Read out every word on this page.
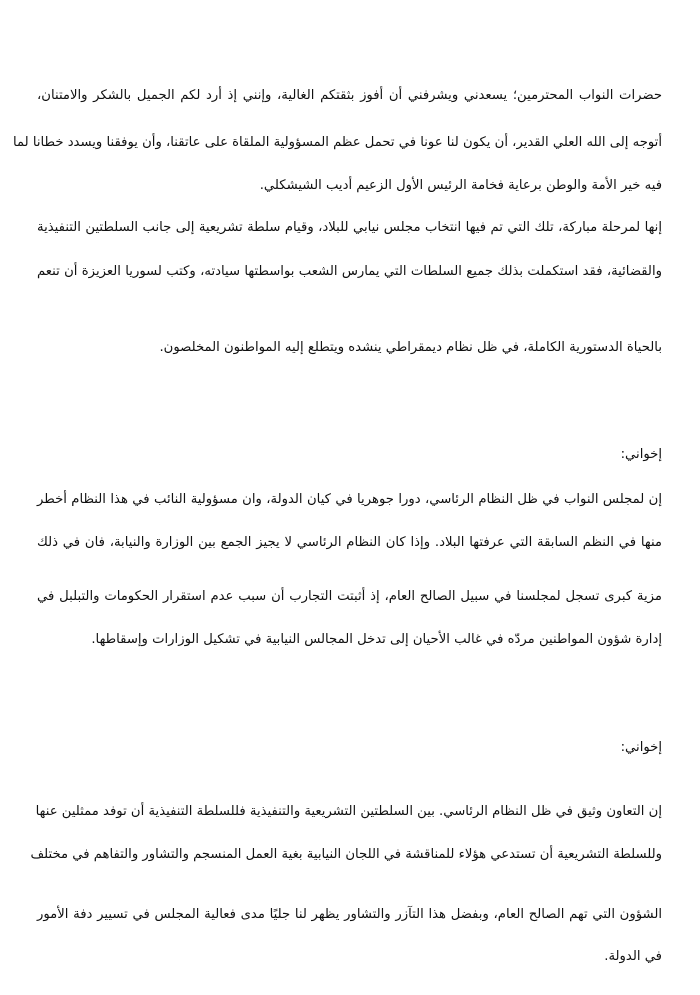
حضرات النواب المحترمين؛ يسعدني ويشرفني أن أفوز بثقتكم الغالية، وإنني إذ أرد لكم الجميل بالشكر والامتنان،
أتوجه إلى الله العلي القدير، أن يكون لنا عونا في تحمل عظم المسؤولية الملقاة على عاتقنا، وأن يوفقنا ويسدد خطانا لما
فيه خير الأمة والوطن برعاية فخامة الرئيس الأول الزعيم أديب الشيشكلي.
إنها لمرحلة مباركة، تلك التي تم فيها انتخاب مجلس نيابي للبلاد، وقيام سلطة تشريعية إلى جانب السلطتين التنفيذية
والقضائية، فقد استكملت بذلك جميع السلطات التي يمارس الشعب بواسطتها سيادته، وكتب لسوريا العزيزة أن تنعم
بالحياة الدستورية الكاملة، في ظل نظام ديمقراطي ينشده ويتطلع إليه المواطنون المخلصون.
إخواني:
إن لمجلس النواب في ظل النظام الرئاسي، دورا جوهريا في كيان الدولة، وان مسؤولية النائب في هذا النظام أخطر
منها في النظم السابقة التي عرفتها البلاد. وإذا كان النظام الرئاسي لا يجيز الجمع بين الوزارة والنيابة، فان في ذلك
مزية كبرى تسجل لمجلسنا في سبيل الصالح العام، إذ أثبتت التجارب أن سبب عدم استقرار الحكومات والتبلبل في
إدارة شؤون المواطنين مردّه في غالب الأحيان إلى تدخل المجالس النيابية في تشكيل الوزارات وإسقاطها.
إخواني:
إن التعاون وثيق في ظل النظام الرئاسي. بين السلطتين التشريعية والتنفيذية فللسلطة التنفيذية أن توفد ممثلين عنها
وللسلطة التشريعية أن تستدعي هؤلاء للمناقشة في اللجان النيابية بغية العمل المنسجم والتشاور والتفاهم في مختلف
الشؤون التي تهم الصالح العام، وبفضل هذا التآزر والتشاور يظهر لنا جليًا مدى فعالية المجلس في تسيير دفة الأمور
في الدولة.
